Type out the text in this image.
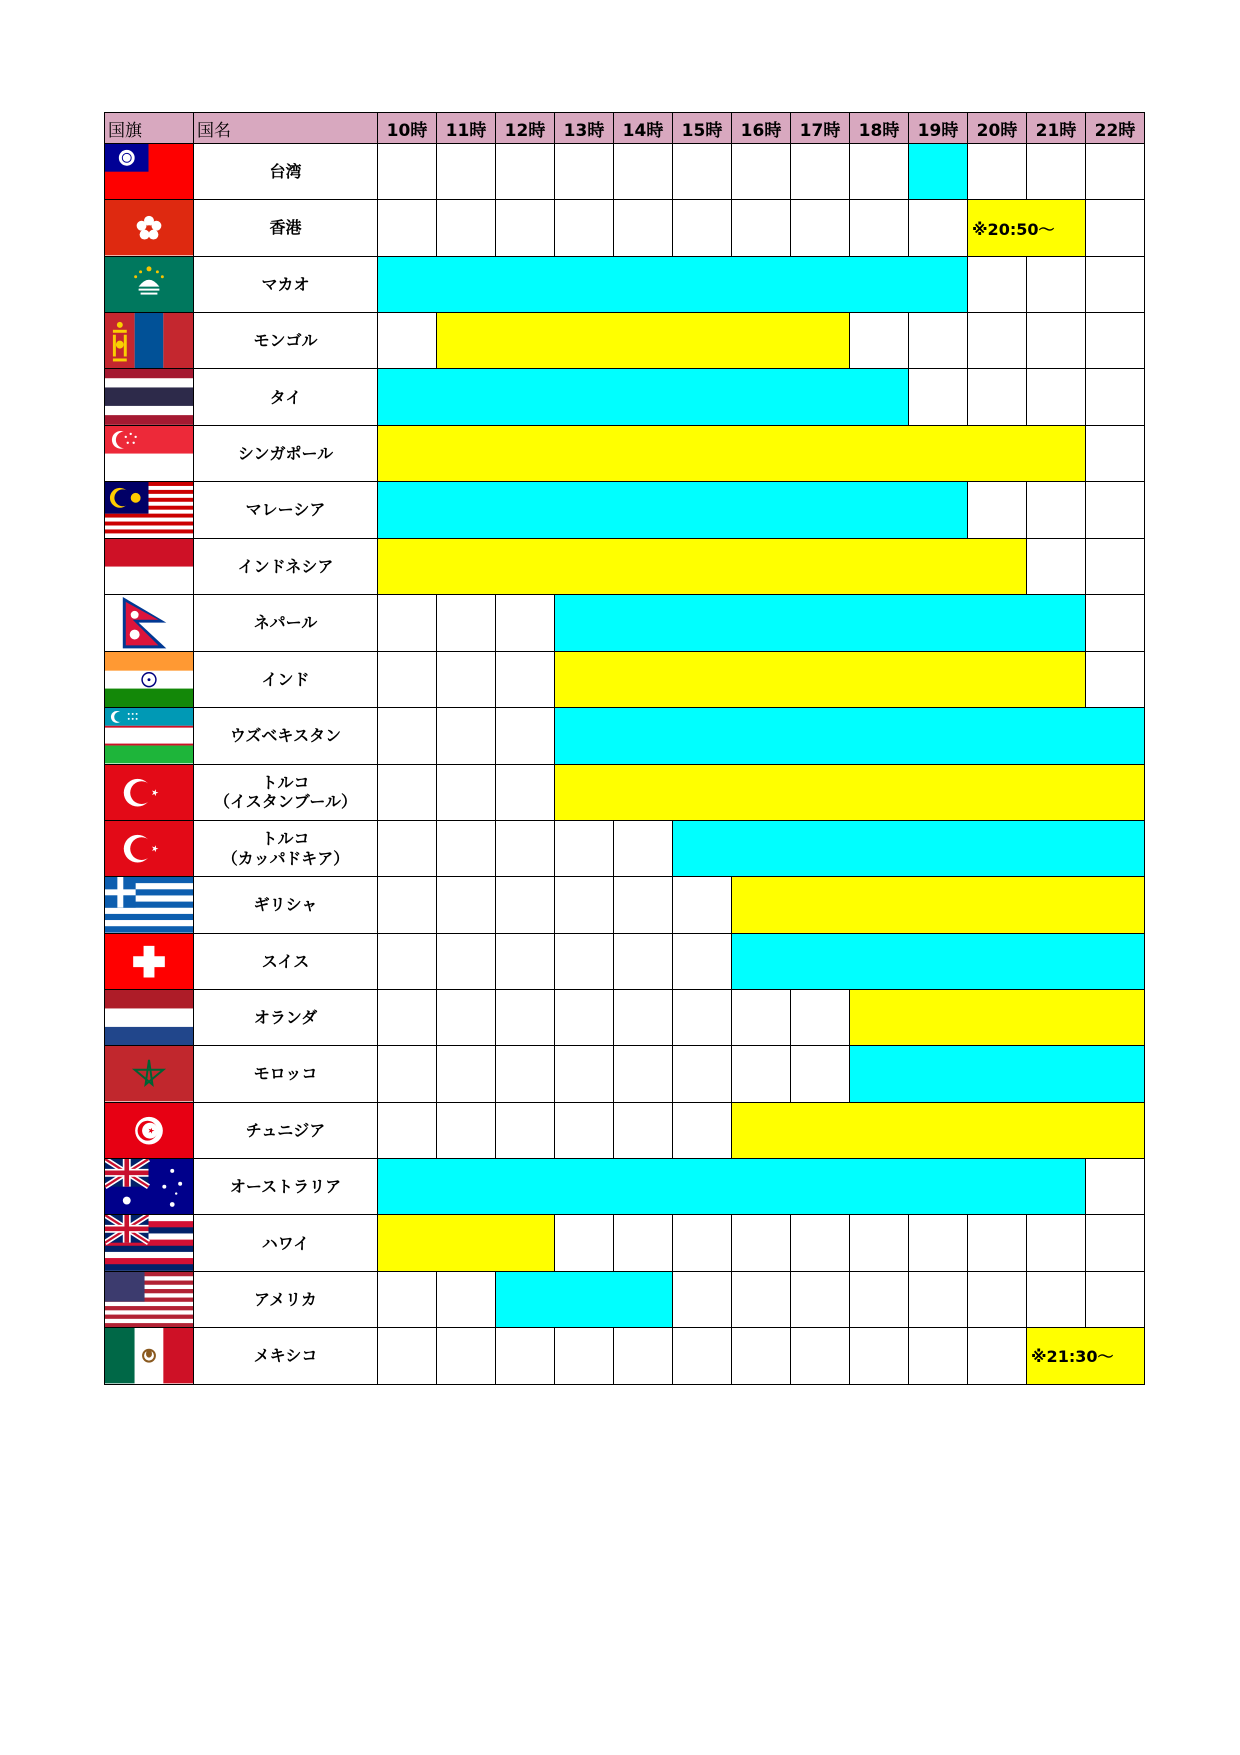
国旗	国名	10時	11時	12時	13時	14時	15時	16時	17時	18時	19時	20時	21時	22時

	台湾													

	香港											※20:50～		

	マカオ													

	モンゴル													

	タイ													

	シンガポール													

	マレーシア													

	インドネシア													

	ネパール													

	インド													

	ウズベキスタン													

	トルコ
（イスタンブール）													

	トルコ
（カッパドキア）													

	ギリシャ													

	スイス													

	オランダ													

	モロッコ													

	チュニジア													

	オーストラリア													

	ハワイ													

	アメリカ													

	メキシコ												※21:30～	
